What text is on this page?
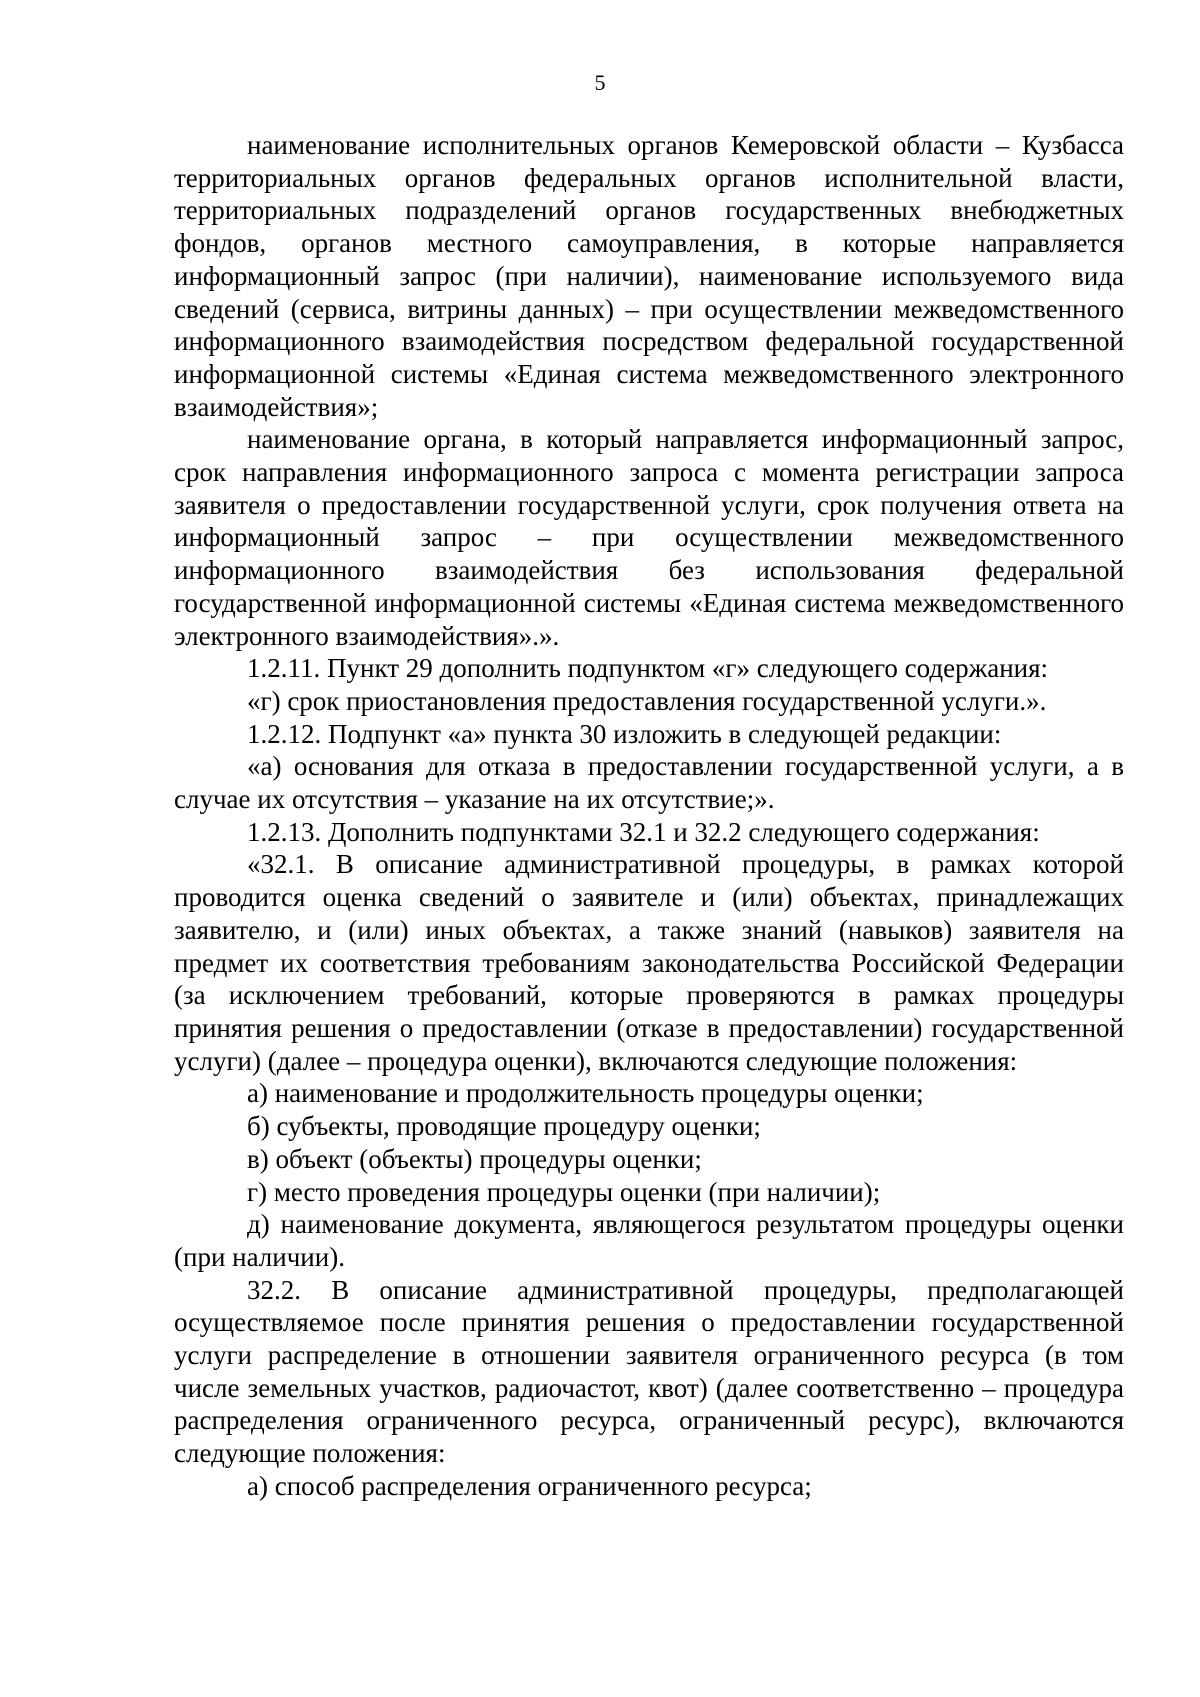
5

наименование исполнительных органов Кемеровской области – Кузбасса территориальных органов федеральных органов исполнительной власти, территориальных подразделений органов государственных внебюджетных фондов, органов местного самоуправления, в которые направляется информационный запрос (при наличии), наименование используемого вида сведений (сервиса, витрины данных) – при осуществлении межведомственного информационного взаимодействия посредством федеральной государственной информационной системы «Единая система межведомственного электронного взаимодействия»;

наименование органа, в который направляется информационный запрос, срок направления информационного запроса с момента регистрации запроса заявителя о предоставлении государственной услуги, срок получения ответа на информационный запрос – при осуществлении межведомственного информационного взаимодействия без использования федеральной государственной информационной системы «Единая система межведомственного электронного взаимодействия».».

1.2.11. Пункт 29 дополнить подпунктом «г» следующего содержания:

«г) срок приостановления предоставления государственной услуги.».

1.2.12. Подпункт «а» пункта 30 изложить в следующей редакции:

«а) основания для отказа в предоставлении государственной услуги, а в случае их отсутствия – указание на их отсутствие;».

1.2.13. Дополнить подпунктами 32.1 и 32.2 следующего содержания:

«32.1. В описание административной процедуры, в рамках которой проводится оценка сведений о заявителе и (или) объектах, принадлежащих заявителю, и (или) иных объектах, а также знаний (навыков) заявителя на предмет их соответствия требованиям законодательства Российской Федерации (за исключением требований, которые проверяются в рамках процедуры принятия решения о предоставлении (отказе в предоставлении) государственной услуги) (далее – процедура оценки), включаются следующие положения:

а) наименование и продолжительность процедуры оценки;

б) субъекты, проводящие процедуру оценки;

в) объект (объекты) процедуры оценки;

г) место проведения процедуры оценки (при наличии);

д) наименование документа, являющегося результатом процедуры оценки (при наличии).

32.2. В описание административной процедуры, предполагающей осуществляемое после принятия решения о предоставлении государственной услуги распределение в отношении заявителя ограниченного ресурса (в том числе земельных участков, радиочастот, квот) (далее соответственно – процедура распределения ограниченного ресурса, ограниченный ресурс), включаются следующие положения:

а) способ распределения ограниченного ресурса;
